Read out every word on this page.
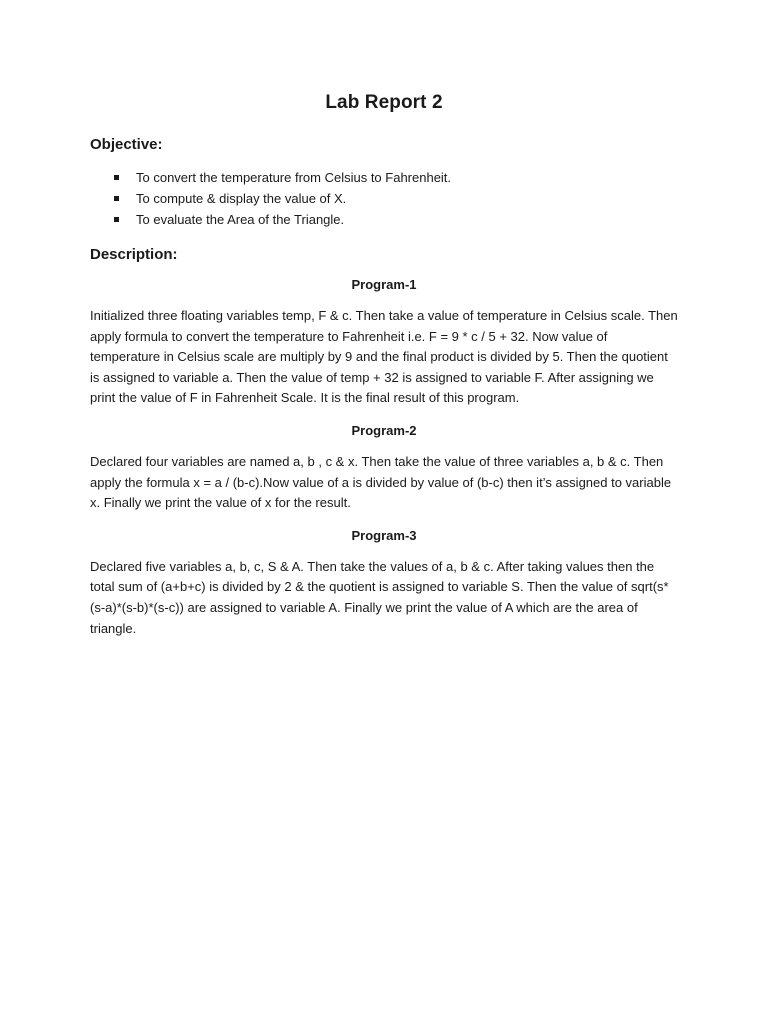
Lab Report 2
Objective:
To convert the temperature from Celsius to Fahrenheit.
To compute & display the value of X.
To evaluate the Area of the Triangle.
Description:
Program-1

Initialized three floating variables temp, F & c. Then take a value of temperature in Celsius scale. Then apply formula to convert the temperature to Fahrenheit i.e. F = 9 * c / 5 + 32. Now value of temperature in Celsius scale are multiply by 9 and the final product is divided by 5. Then the quotient is assigned to variable a. Then the value of temp + 32 is assigned to variable F. After assigning we print the value of F in Fahrenheit Scale. It is the final result of this program.

Program-2

Declared four variables are named a, b , c & x. Then take the value of three variables a, b & c. Then apply the formula x = a / (b-c).Now value of a is divided by value of (b-c) then it’s assigned to variable x. Finally we print the value of x for the result.

Program-3

Declared five variables a, b, c, S & A. Then take the values of a, b & c. After taking values then the total sum of (a+b+c) is divided by 2 & the quotient is assigned to variable S. Then the value of sqrt(s*(s-a)*(s-b)*(s-c)) are assigned to variable A. Finally we print the value of A which are the area of triangle.
